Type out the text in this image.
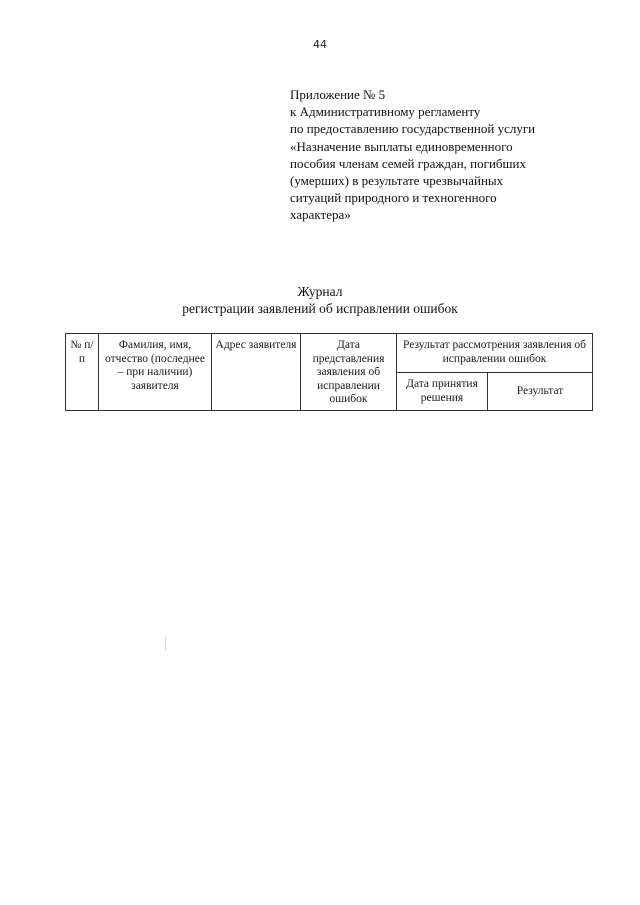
44
Приложение № 5
к Административному регламенту
по предоставлению государственной услуги
«Назначение выплаты единовременного
пособия членам семей граждан, погибших
(умерших) в результате чрезвычайных
ситуаций природного и техногенного
характера»
Журнал
регистрации заявлений об исправлении ошибок
№ п/п	Фамилия, имя, отчество (последнее – при наличии) заявителя	Адрес заявителя	Дата представления заявления об исправлении ошибок	Результат рассмотрения заявления об исправлении ошибок	
				Дата принятия решения	Результат
